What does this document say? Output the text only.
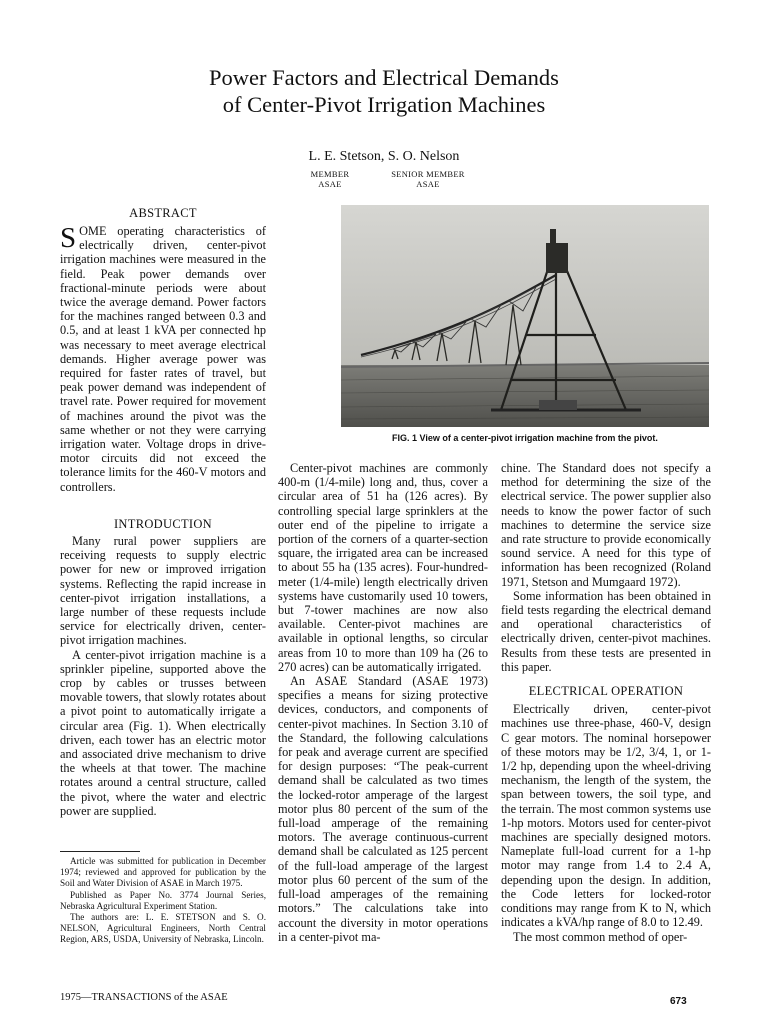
Power Factors and Electrical Demands
of Center-Pivot Irrigation Machines
L. E. Stetson, S. O. Nelson
MEMBER
ASAE
SENIOR MEMBER
ASAE
ABSTRACT

SOME operating characteristics of electrically driven, center-pivot irrigation machines were measured in the field. Peak power demands over fractional-minute periods were about twice the average demand. Power factors for the machines ranged between 0.3 and 0.5, and at least 1 kVA per connected hp was necessary to meet average electrical demands. Higher average power was required for faster rates of travel, but peak power demand was independent of travel rate. Power required for movement of machines around the pivot was the same whether or not they were carrying irrigation water. Voltage drops in drive-motor circuits did not exceed the tolerance limits for the 460-V motors and controllers.

INTRODUCTION

Many rural power suppliers are receiving requests to supply electric power for new or improved irrigation systems. Reflecting the rapid increase in center-pivot irrigation installations, a large number of these requests include service for electrically driven, center-pivot irrigation machines.

A center-pivot irrigation machine is a sprinkler pipeline, supported above the crop by cables or trusses between movable towers, that slowly rotates about a pivot point to automatically irrigate a circular area (Fig. 1). When electrically driven, each tower has an electric motor and associated drive mechanism to drive the wheels at that tower. The machine rotates around a central structure, called the pivot, where the water and electric power are supplied.

Article was submitted for publication in December 1974; reviewed and approved for publication by the Soil and Water Division of ASAE in March 1975.

Published as Paper No. 3774 Journal Series, Nebraska Agricultural Experiment Station.

The authors are: L. E. STETSON and S. O. NELSON, Agricultural Engineers, North Central Region, ARS, USDA, University of Nebraska, Lincoln.

1975—TRANSACTIONS of the ASAE
FIG. 1 View of a center-pivot irrigation machine from the pivot.

Center-pivot machines are commonly 400-m (1/4-mile) long and, thus, cover a circular area of 51 ha (126 acres). By controlling special large sprinklers at the outer end of the pipeline to irrigate a portion of the corners of a quarter-section square, the irrigated area can be increased to about 55 ha (135 acres). Four-hundred-meter (1/4-mile) length electrically driven systems have customarily used 10 towers, but 7-tower machines are now also available. Center-pivot machines are available in optional lengths, so circular areas from 10 to more than 109 ha (26 to 270 acres) can be automatically irrigated.

An ASAE Standard (ASAE 1973) specifies a means for sizing protective devices, conductors, and components of center-pivot machines. In Section 3.10 of the Standard, the following calculations for peak and average current are specified for design purposes: “The peak-current demand shall be calculated as two times the locked-rotor amperage of the largest motor plus 80 percent of the sum of the full-load amperage of the remaining motors. The average continuous-current demand shall be calculated as 125 percent of the full-load amperage of the largest motor plus 60 percent of the sum of the full-load amperages of the remaining motors.” The calculations take into account the diversity in motor operations in a center-pivot ma-

chine. The Standard does not specify a method for determining the size of the electrical service. The power supplier also needs to know the power factor of such machines to determine the service size and rate structure to provide economically sound service. A need for this type of information has been recognized (Roland 1971, Stetson and Mumgaard 1972).

Some information has been obtained in field tests regarding the electrical demand and operational characteristics of electrically driven, center-pivot machines. Results from these tests are presented in this paper.

ELECTRICAL OPERATION

Electrically driven, center-pivot machines use three-phase, 460-V, design C gear motors. The nominal horsepower of these motors may be 1/2, 3/4, 1, or 1-1/2 hp, depending upon the wheel-driving mechanism, the length of the system, the span between towers, the soil type, and the terrain. The most common systems use 1-hp motors. Motors used for center-pivot machines are specially designed motors. Nameplate full-load current for a 1-hp motor may range from 1.4 to 2.4 A, depending upon the design. In addition, the Code letters for locked-rotor conditions may range from K to N, which indicates a kVA/hp range of 8.0 to 12.49.

The most common method of oper-

673
